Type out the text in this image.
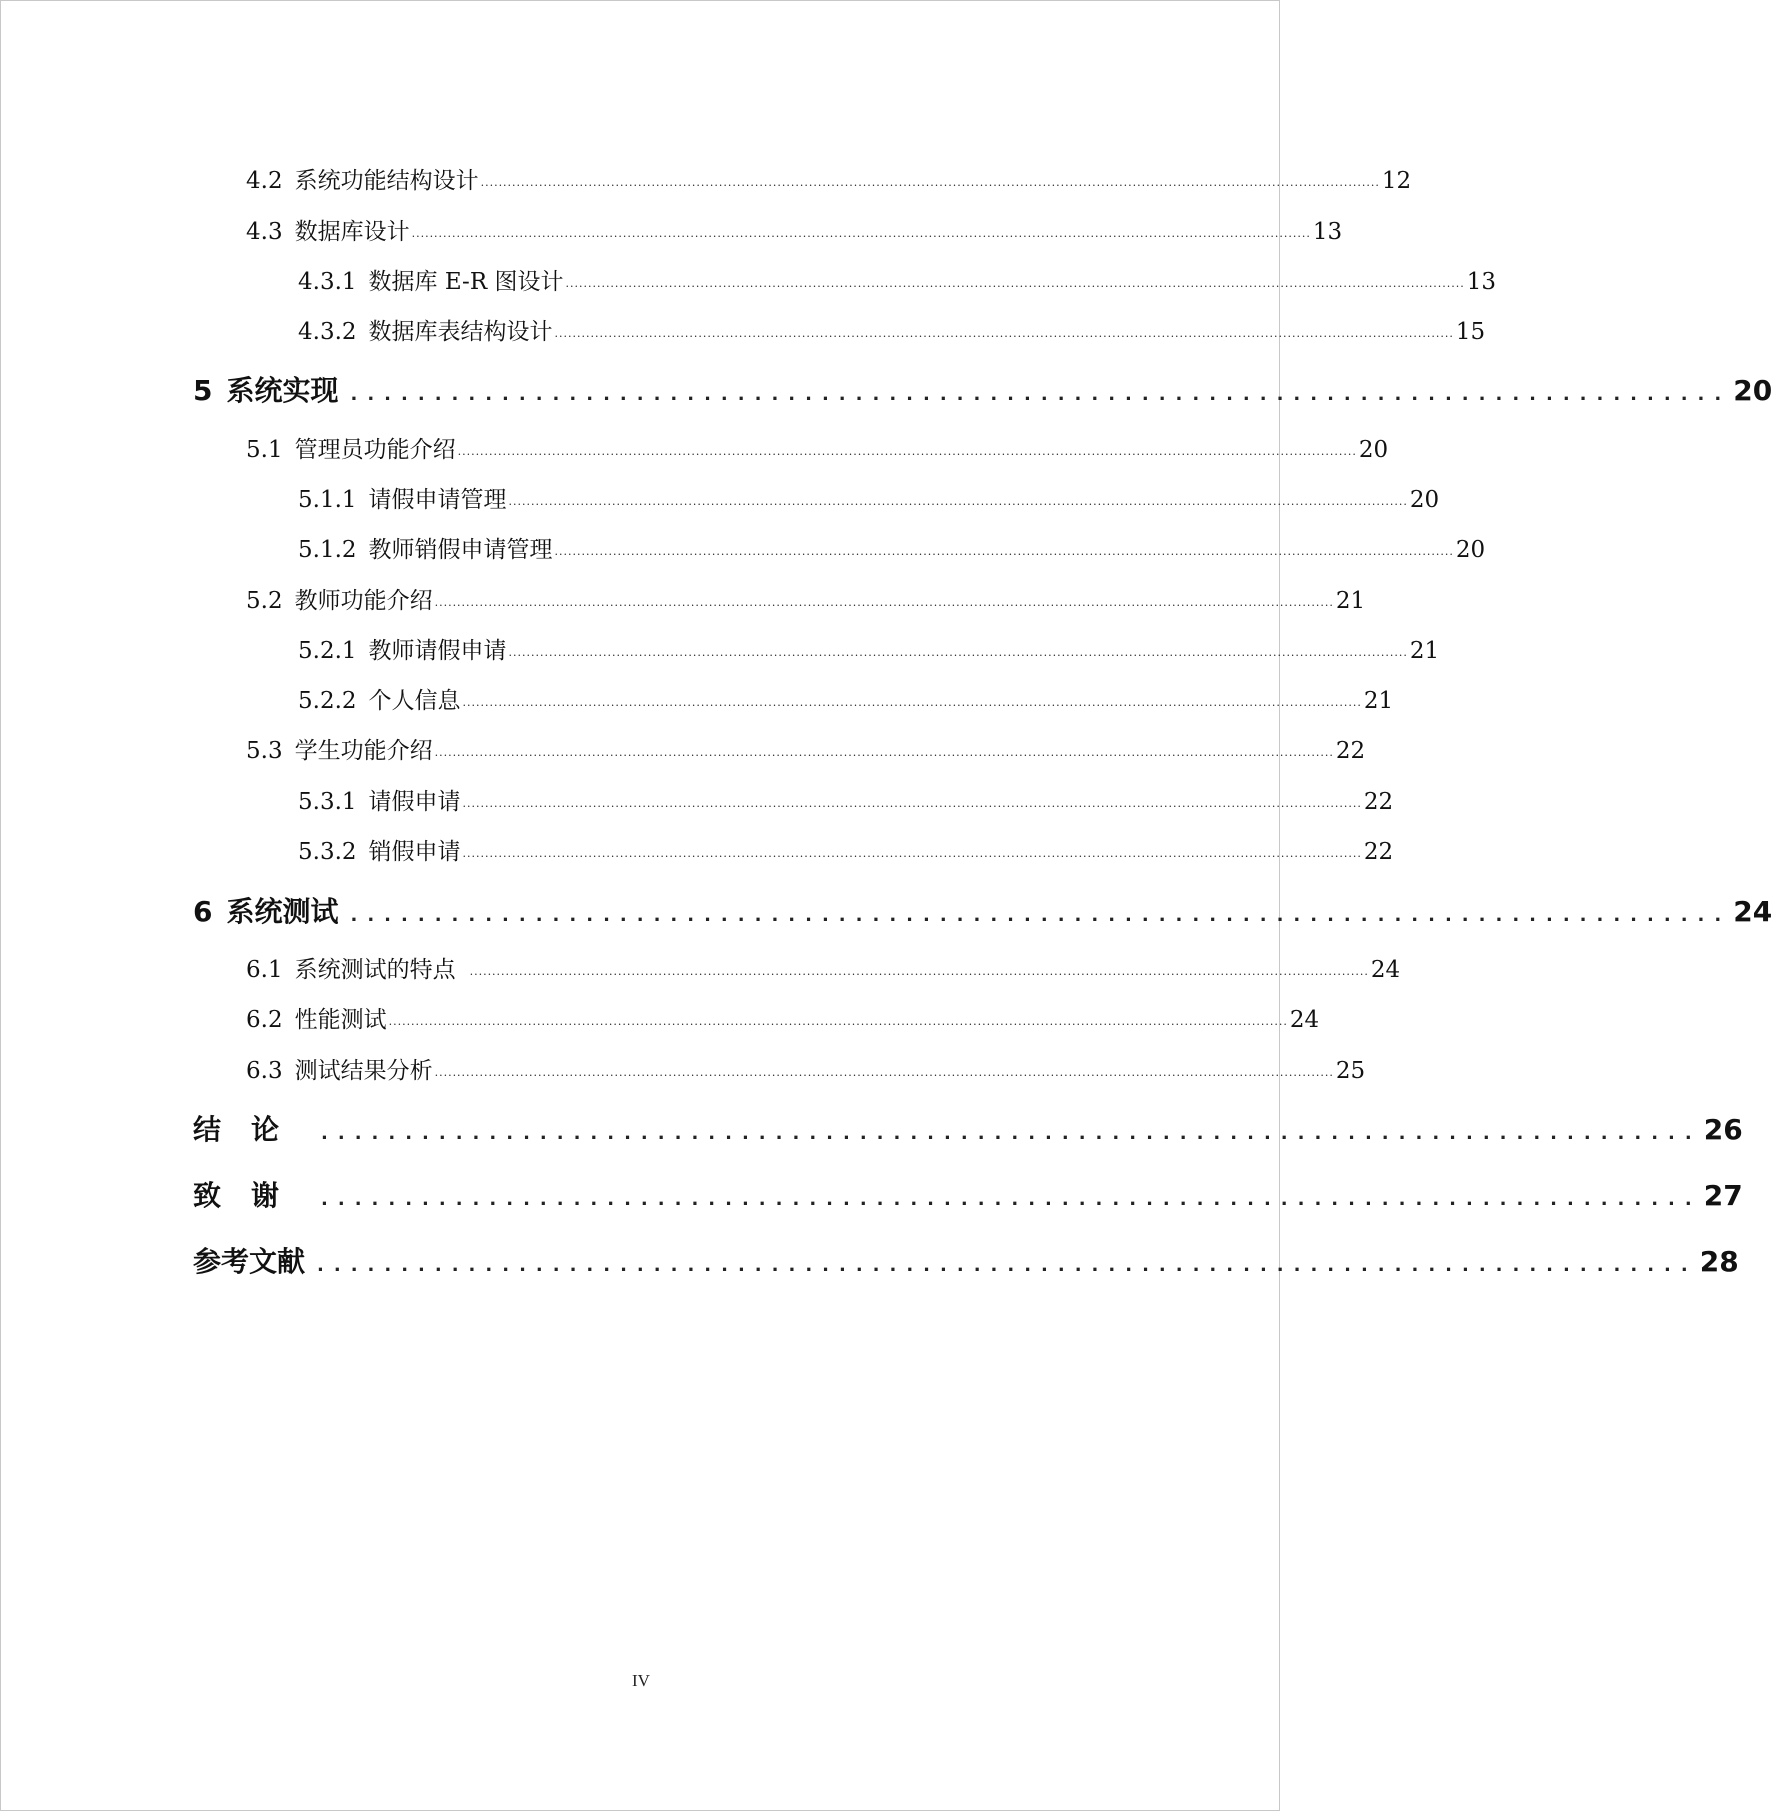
4.2 系统功能结构设计 ........................................................................................................................................................................................................ 12
4.3 数据库设计 ........................................................................................................................................................................................................ 13
4.3.1 数据库 E-R 图设计 ........................................................................................................................................................................................................ 13
4.3.2 数据库表结构设计 ........................................................................................................................................................................................................ 15
5 系统实现 .................................................................................. 20
5.1 管理员功能介绍 ........................................................................................................................................................................................................ 20
5.1.1 请假申请管理 ........................................................................................................................................................................................................ 20
5.1.2 教师销假申请管理 ........................................................................................................................................................................................................ 20
5.2 教师功能介绍 ........................................................................................................................................................................................................ 21
5.2.1 教师请假申请 ........................................................................................................................................................................................................ 21
5.2.2 个人信息 ........................................................................................................................................................................................................ 21
5.3 学生功能介绍 ........................................................................................................................................................................................................ 22
5.3.1 请假申请 ........................................................................................................................................................................................................ 22
5.3.2 销假申请 ........................................................................................................................................................................................................ 22
6 系统测试 .................................................................................. 24
6.1 系统测试的特点 ........................................................................................................................................................................................................ 24
6.2 性能测试 ........................................................................................................................................................................................................ 24
6.3 测试结果分析 ........................................................................................................................................................................................................ 25
结论 .................................................................................. 26
致谢 .................................................................................. 27
参考文献 .................................................................................. 28
IV
